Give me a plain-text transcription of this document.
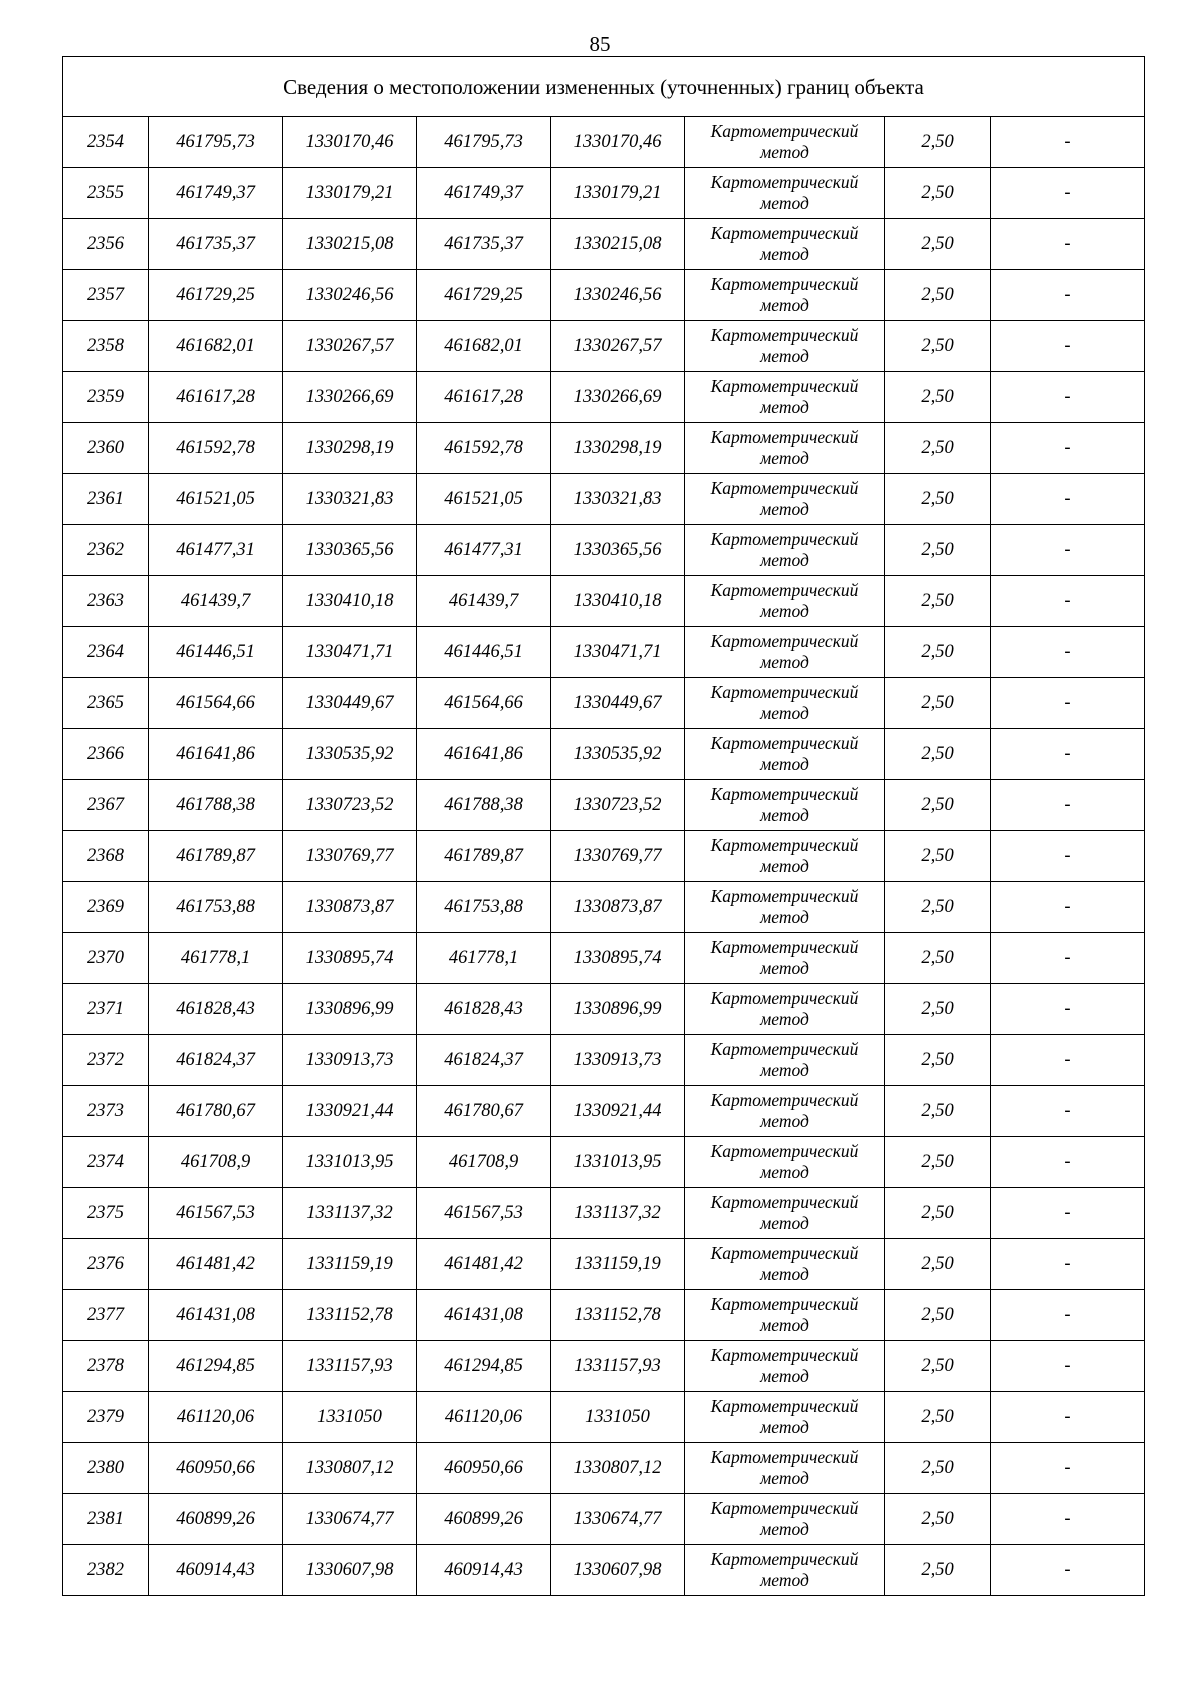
85
Сведения о местоположении измененных (уточненных) границ объекта							
2354	461795,73	1330170,46	461795,73	1330170,46	Картометрический метод	2,50	-
2355	461749,37	1330179,21	461749,37	1330179,21	Картометрический метод	2,50	-
2356	461735,37	1330215,08	461735,37	1330215,08	Картометрический метод	2,50	-
2357	461729,25	1330246,56	461729,25	1330246,56	Картометрический метод	2,50	-
2358	461682,01	1330267,57	461682,01	1330267,57	Картометрический метод	2,50	-
2359	461617,28	1330266,69	461617,28	1330266,69	Картометрический метод	2,50	-
2360	461592,78	1330298,19	461592,78	1330298,19	Картометрический метод	2,50	-
2361	461521,05	1330321,83	461521,05	1330321,83	Картометрический метод	2,50	-
2362	461477,31	1330365,56	461477,31	1330365,56	Картометрический метод	2,50	-
2363	461439,7	1330410,18	461439,7	1330410,18	Картометрический метод	2,50	-
2364	461446,51	1330471,71	461446,51	1330471,71	Картометрический метод	2,50	-
2365	461564,66	1330449,67	461564,66	1330449,67	Картометрический метод	2,50	-
2366	461641,86	1330535,92	461641,86	1330535,92	Картометрический метод	2,50	-
2367	461788,38	1330723,52	461788,38	1330723,52	Картометрический метод	2,50	-
2368	461789,87	1330769,77	461789,87	1330769,77	Картометрический метод	2,50	-
2369	461753,88	1330873,87	461753,88	1330873,87	Картометрический метод	2,50	-
2370	461778,1	1330895,74	461778,1	1330895,74	Картометрический метод	2,50	-
2371	461828,43	1330896,99	461828,43	1330896,99	Картометрический метод	2,50	-
2372	461824,37	1330913,73	461824,37	1330913,73	Картометрический метод	2,50	-
2373	461780,67	1330921,44	461780,67	1330921,44	Картометрический метод	2,50	-
2374	461708,9	1331013,95	461708,9	1331013,95	Картометрический метод	2,50	-
2375	461567,53	1331137,32	461567,53	1331137,32	Картометрический метод	2,50	-
2376	461481,42	1331159,19	461481,42	1331159,19	Картометрический метод	2,50	-
2377	461431,08	1331152,78	461431,08	1331152,78	Картометрический метод	2,50	-
2378	461294,85	1331157,93	461294,85	1331157,93	Картометрический метод	2,50	-
2379	461120,06	1331050	461120,06	1331050	Картометрический метод	2,50	-
2380	460950,66	1330807,12	460950,66	1330807,12	Картометрический метод	2,50	-
2381	460899,26	1330674,77	460899,26	1330674,77	Картометрический метод	2,50	-
2382	460914,43	1330607,98	460914,43	1330607,98	Картометрический метод	2,50	-
